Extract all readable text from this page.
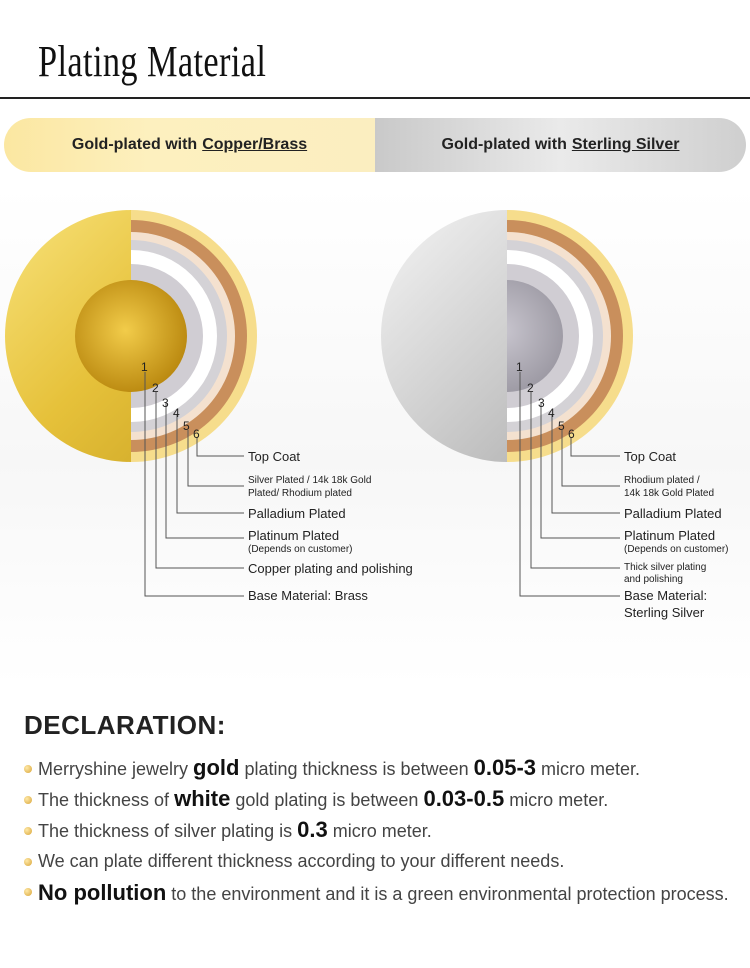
Plating Material
Gold-plated with Copper/Brass	Gold-plated with Sterling Silver
1
2
3
4
5
6
1
2
3
4
5
6
Top Coat
Silver Plated / 14k 18k Gold
Plated/ Rhodium plated
Palladium Plated
Platinum Plated
(Depends on customer)
Copper plating and polishing
Base Material: Brass
Top Coat
Rhodium plated /
14k 18k Gold Plated
Palladium Plated
Platinum Plated
(Depends on customer)
Thick silver plating
and polishing
Base Material:
Sterling Silver
DECLARATION:
Merryshine jewelry gold plating thickness is between 0.05-3 micro meter.
The thickness of white gold plating is between 0.03-0.5 micro meter.
The thickness of silver plating is 0.3 micro meter.
We can plate different thickness according to your different needs.
No pollution to the environment and it is a green environmental protection process.
